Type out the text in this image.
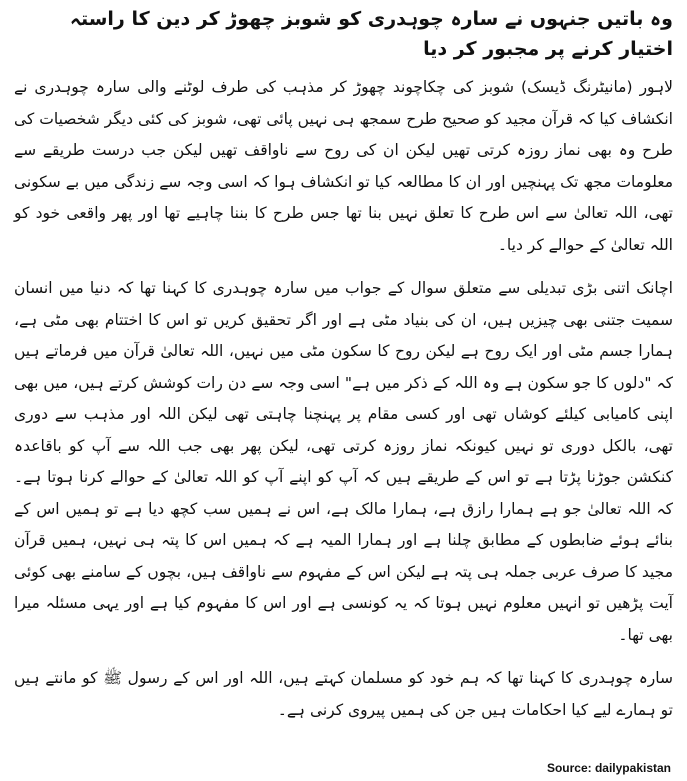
وہ باتیں جنہوں نے سارہ چوہدری کو شوبز چھوڑ کر دین کا راستہ اختیار کرنے پر مجبور کر دیا

لاہور (مانیٹرنگ ڈیسک) شوبز کی چکاچوند چھوڑ کر مذہب کی طرف لوٹنے والی سارہ چوہدری نے انکشاف کیا کہ قرآن مجید کو صحیح طرح سمجھ ہی نہیں پائی تھی، شوبز کی کئی دیگر شخصیات کی طرح وہ بھی نماز روزہ کرتی تھیں لیکن ان کی روح سے ناواقف تھیں لیکن جب درست طریقے سے معلومات مجھ تک پہنچیں اور ان کا مطالعہ کیا تو انکشاف ہوا کہ اسی وجہ سے زندگی میں بے سکونی تھی، اللہ تعالیٰ سے اس طرح کا تعلق نہیں بنا تھا جس طرح کا بننا چاہیے تھا اور پھر واقعی خود کو اللہ تعالیٰ کے حوالے کر دیا۔

اچانک اتنی بڑی تبدیلی سے متعلق سوال کے جواب میں سارہ چوہدری کا کہنا تھا کہ دنیا میں انسان سمیت جتنی بھی چیزیں ہیں، ان کی بنیاد مٹی ہے اور اگر تحقیق کریں تو اس کا اختتام بھی مٹی ہے، ہمارا جسم مٹی اور ایک روح ہے لیکن روح کا سکون مٹی میں نہیں، اللہ تعالیٰ قرآن میں فرماتے ہیں کہ "دلوں کا جو سکون ہے وہ اللہ کے ذکر میں ہے" اسی وجہ سے دن رات کوشش کرتے ہیں، میں بھی اپنی کامیابی کیلئے کوشاں تھی اور کسی مقام پر پہنچنا چاہتی تھی لیکن اللہ اور مذہب سے دوری تھی، بالکل دوری تو نہیں کیونکہ نماز روزہ کرتی تھی، لیکن پھر بھی جب اللہ سے آپ کو باقاعدہ کنکشن جوڑنا پڑتا ہے تو اس کے طریقے ہیں کہ آپ کو اپنے آپ کو اللہ تعالیٰ کے حوالے کرنا ہوتا ہے۔ کہ اللہ تعالیٰ جو ہے ہمارا رازق ہے، ہمارا مالک ہے، اس نے ہمیں سب کچھ دیا ہے تو ہمیں اس کے بنائے ہوئے ضابطوں کے مطابق چلنا ہے اور ہمارا المیہ ہے کہ ہمیں اس کا پتہ ہی نہیں، ہمیں قرآن مجید کا صرف عربی جملہ ہی پتہ ہے لیکن اس کے مفہوم سے ناواقف ہیں، بچوں کے سامنے بھی کوئی آیت پڑھیں تو انہیں معلوم نہیں ہوتا کہ یہ کونسی ہے اور اس کا مفہوم کیا ہے اور یہی مسئلہ میرا بھی تھا۔

سارہ چوہدری کا کہنا تھا کہ ہم خود کو مسلمان کہتے ہیں، اللہ اور اس کے رسول ﷺ کو مانتے ہیں تو ہمارے لیے کیا احکامات ہیں جن کی ہمیں پیروی کرنی ہے۔

Source: dailypakistan
